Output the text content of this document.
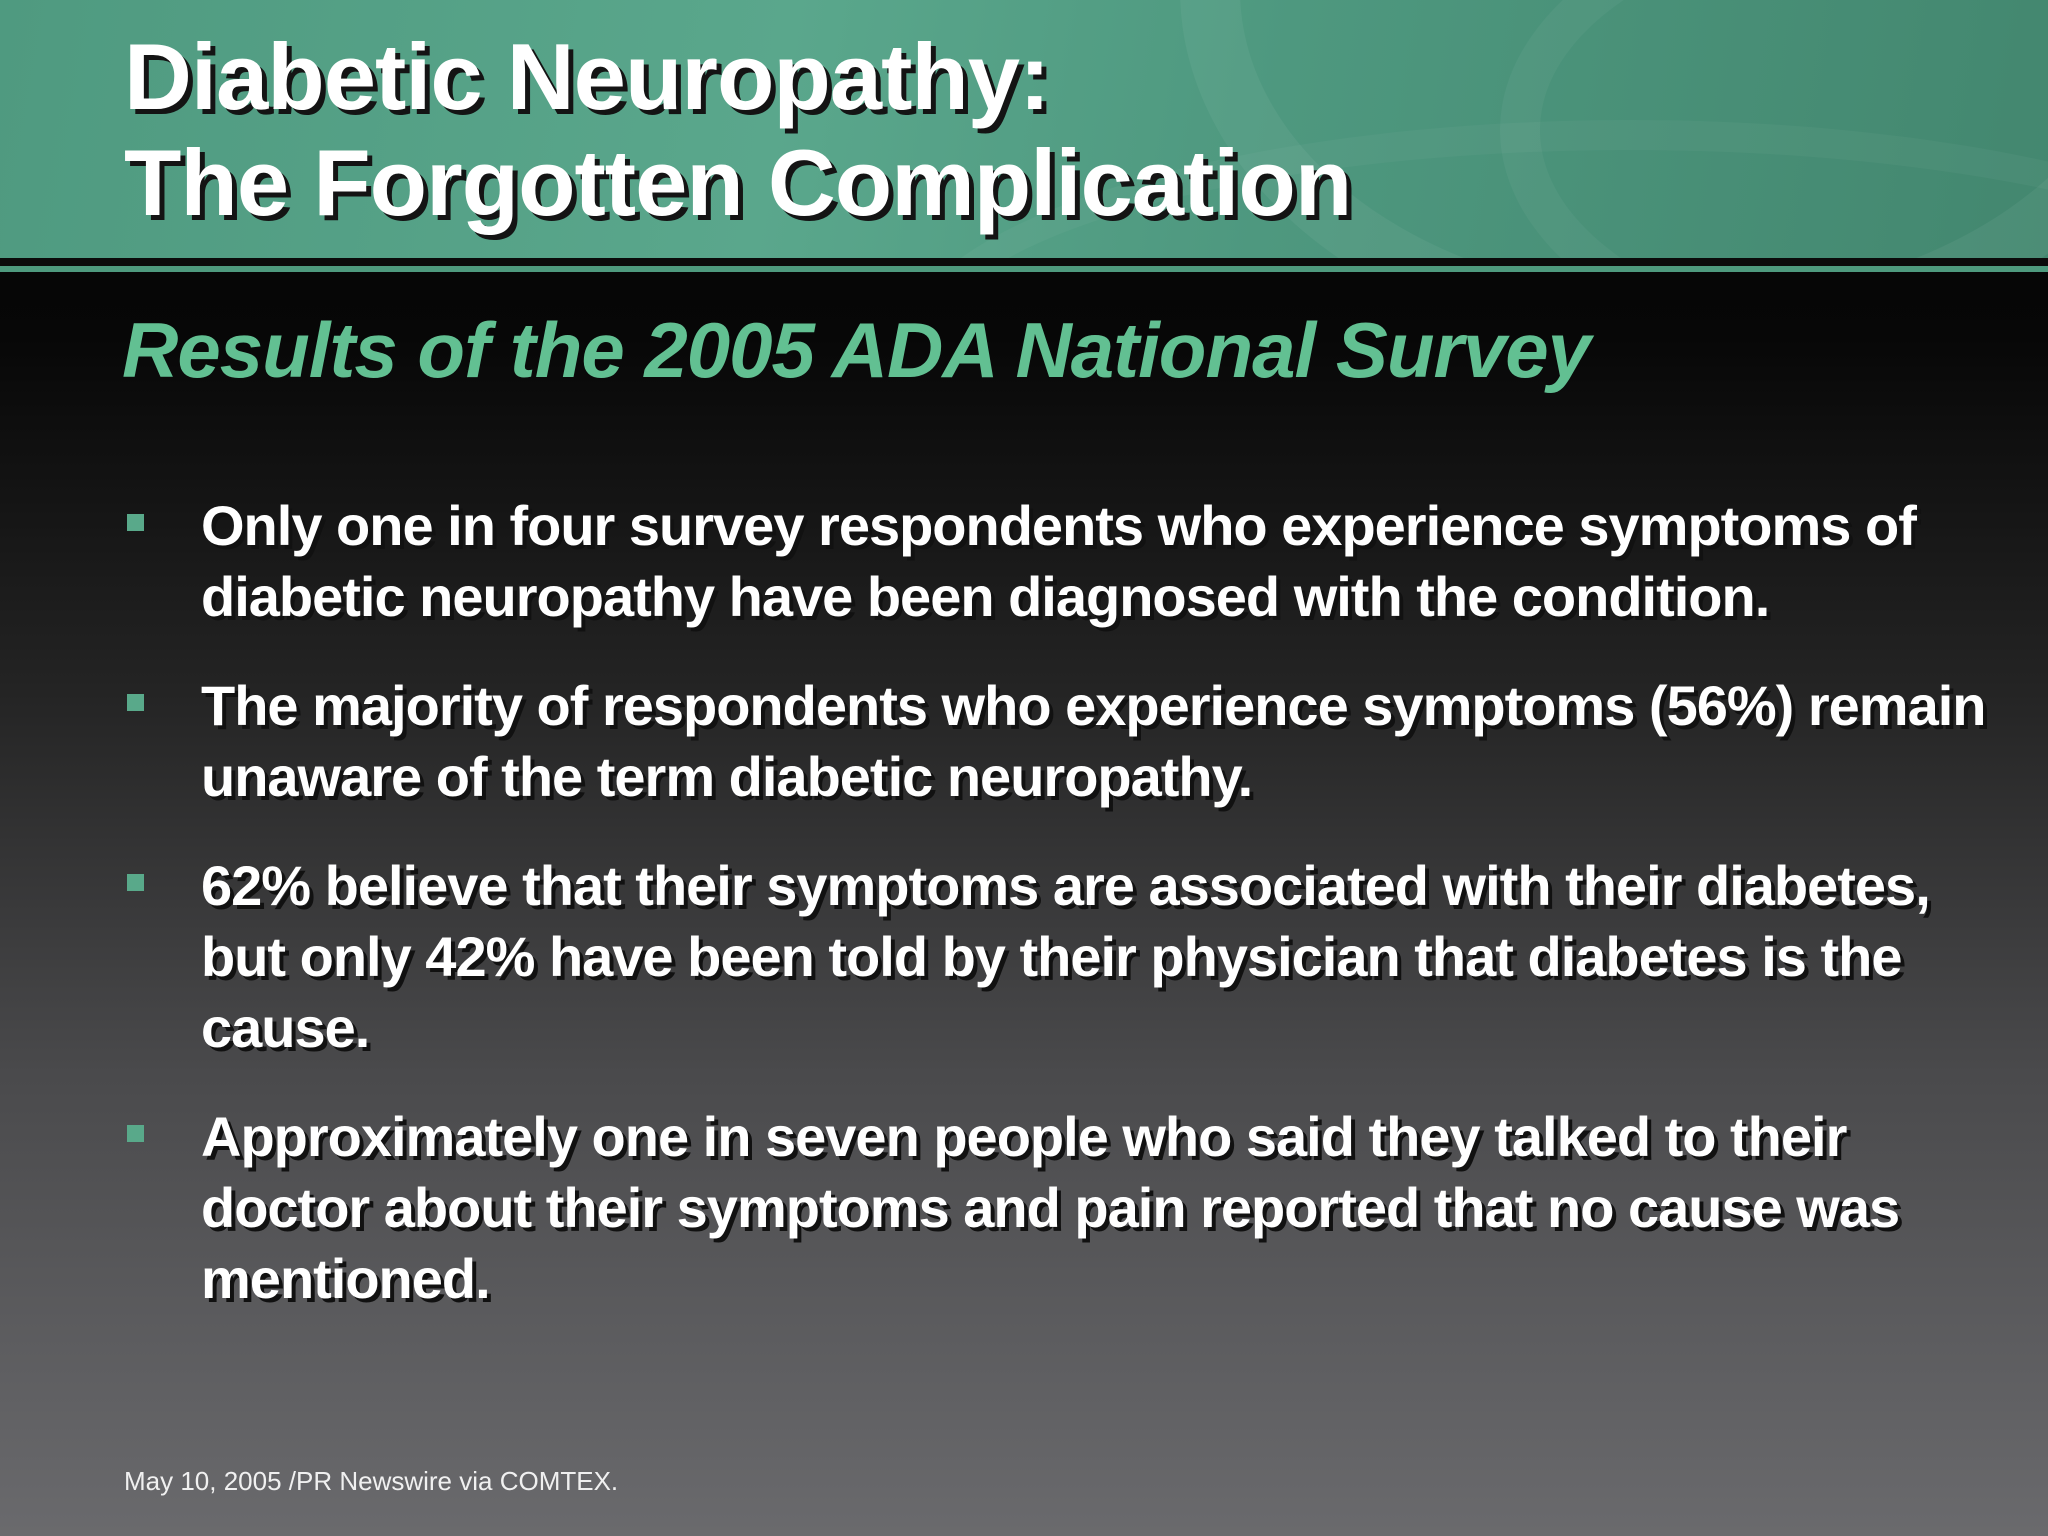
Diabetic Neuropathy:
The Forgotten Complication
Results of the 2005 ADA National Survey
Only one in four survey respondents who experience symptoms of diabetic neuropathy have been diagnosed with the condition.
The majority of respondents who experience symptoms (56%) remain unaware of the term diabetic neuropathy.
62% believe that their symptoms are associated with their diabetes, but only 42% have been told by their physician that diabetes is the cause.
Approximately one in seven people who said they talked to their doctor about their symptoms and pain reported that no cause was mentioned.
May 10, 2005 /PR Newswire via COMTEX.
